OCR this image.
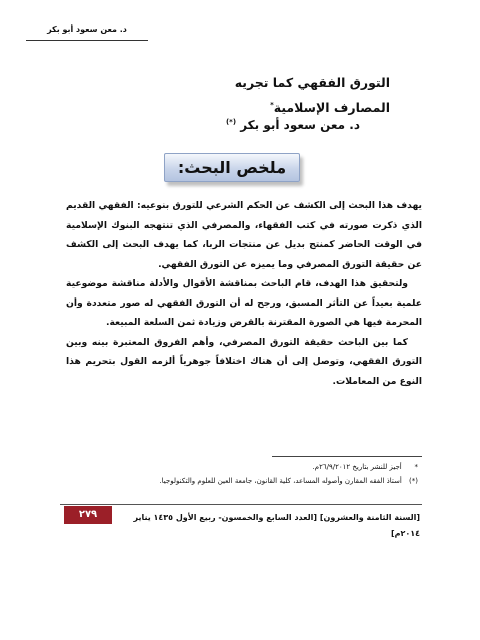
د. معن سعود أبو بكر
التورق الفقهي كما تجريه
المصارف الإسلامية*
د. معن سعود أبو بكر (*)
ملخص البحث:

يهدف هذا البحث إلى الكشف عن الحكم الشرعي للتورق بنوعيه: الفقهي القديم الذي ذكرت صورته في كتب الفقهاء، والمصرفي الذي تنتهجه البنوك الإسلامية في الوقت الحاضر كمنتج بديل عن منتجات الربا، كما يهدف البحث إلى الكشف عن حقيقة التورق المصرفي وما يميزه عن التورق الفقهي.

ولتحقيق هذا الهدف، قام الباحث بمناقشة الأقوال والأدلة مناقشة موضوعية علمية بعيداً عن التأثر المسبق، ورجح له أن التورق الفقهي له صور متعددة وأن المحرمة فيها هي الصورة المقترنة بالقرض وزيادة ثمن السلعة المبيعة.

كما بين الباحث حقيقة التورق المصرفي، وأهم الفروق المعتبرة بينه وبين التورق الفقهي، وتوصل إلى أن هناك اختلافاً جوهرياً ألزمه القول بتحريم هذا النوع من المعاملات.

* أجيز للنشر بتاريخ ٢٦/٩/٢٠١٢م.
(*) أستاذ الفقه المقارن وأصوله المساعد، كلية القانون، جامعة العين للعلوم والتكنولوجيا.
[السنة الثامنة والعشرون] [العدد السابع والخمسون- ربيع الأول ١٤٣٥ يناير ٢٠١٤م]
٢٧٩
